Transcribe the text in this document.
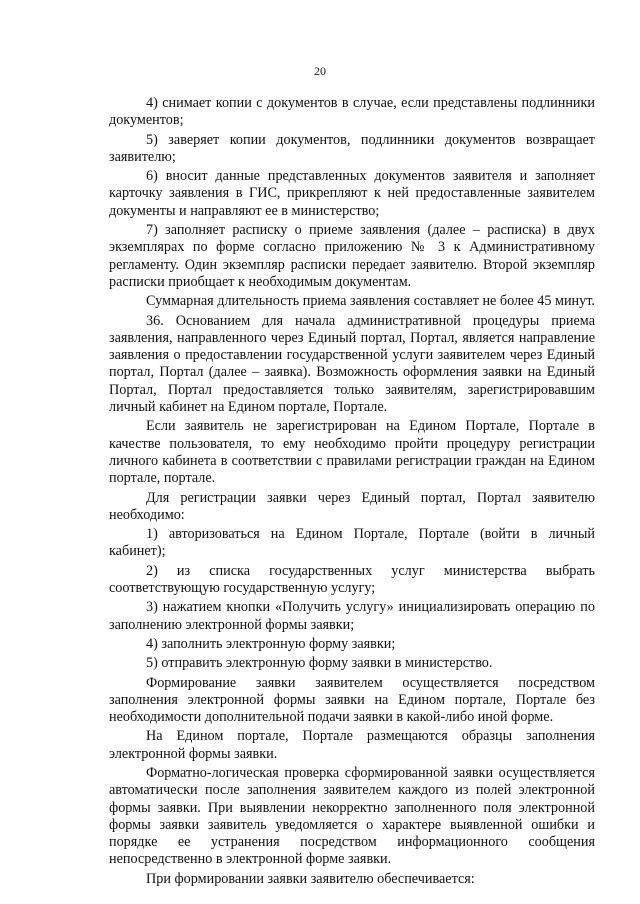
20

4) снимает копии с документов в случае, если представлены подлинники документов;

5) заверяет копии документов, подлинники документов возвращает заявителю;

6) вносит данные представленных документов заявителя и заполняет карточку заявления в ГИС, прикрепляют к ней предоставленные заявителем документы и направляют ее в министерство;

7) заполняет расписку о приеме заявления (далее – расписка) в двух экземплярах по форме согласно приложению № 3 к Административному регламенту. Один экземпляр расписки передает заявителю. Второй экземпляр расписки приобщает к необходимым документам.

Суммарная длительность приема заявления составляет не более 45 минут.

36. Основанием для начала административной процедуры приема заявления, направленного через Единый портал, Портал, является направление заявления о предоставлении государственной услуги заявителем через Единый портал, Портал (далее – заявка). Возможность оформления заявки на Единый Портал, Портал предоставляется только заявителям, зарегистрировавшим личный кабинет на Едином портале, Портале.

Если заявитель не зарегистрирован на Едином Портале, Портале в качестве пользователя, то ему необходимо пройти процедуру регистрации личного кабинета в соответствии с правилами регистрации граждан на Едином портале, портале.

Для регистрации заявки через Единый портал, Портал заявителю необходимо:

1) авторизоваться на Едином Портале, Портале (войти в личный кабинет);

2) из списка государственных услуг министерства выбрать соответствующую государственную услугу;

3) нажатием кнопки «Получить услугу» инициализировать операцию по заполнению электронной формы заявки;

4) заполнить электронную форму заявки;

5) отправить электронную форму заявки в министерство.

Формирование заявки заявителем осуществляется посредством заполнения электронной формы заявки на Едином портале, Портале без необходимости дополнительной подачи заявки в какой-либо иной форме.

На Едином портале, Портале размещаются образцы заполнения электронной формы заявки.

Форматно-логическая проверка сформированной заявки осуществляется автоматически после заполнения заявителем каждого из полей электронной формы заявки. При выявлении некорректно заполненного поля электронной формы заявки заявитель уведомляется о характере выявленной ошибки и порядке ее устранения посредством информационного сообщения непосредственно в электронной форме заявки.

При формировании заявки заявителю обеспечивается:
